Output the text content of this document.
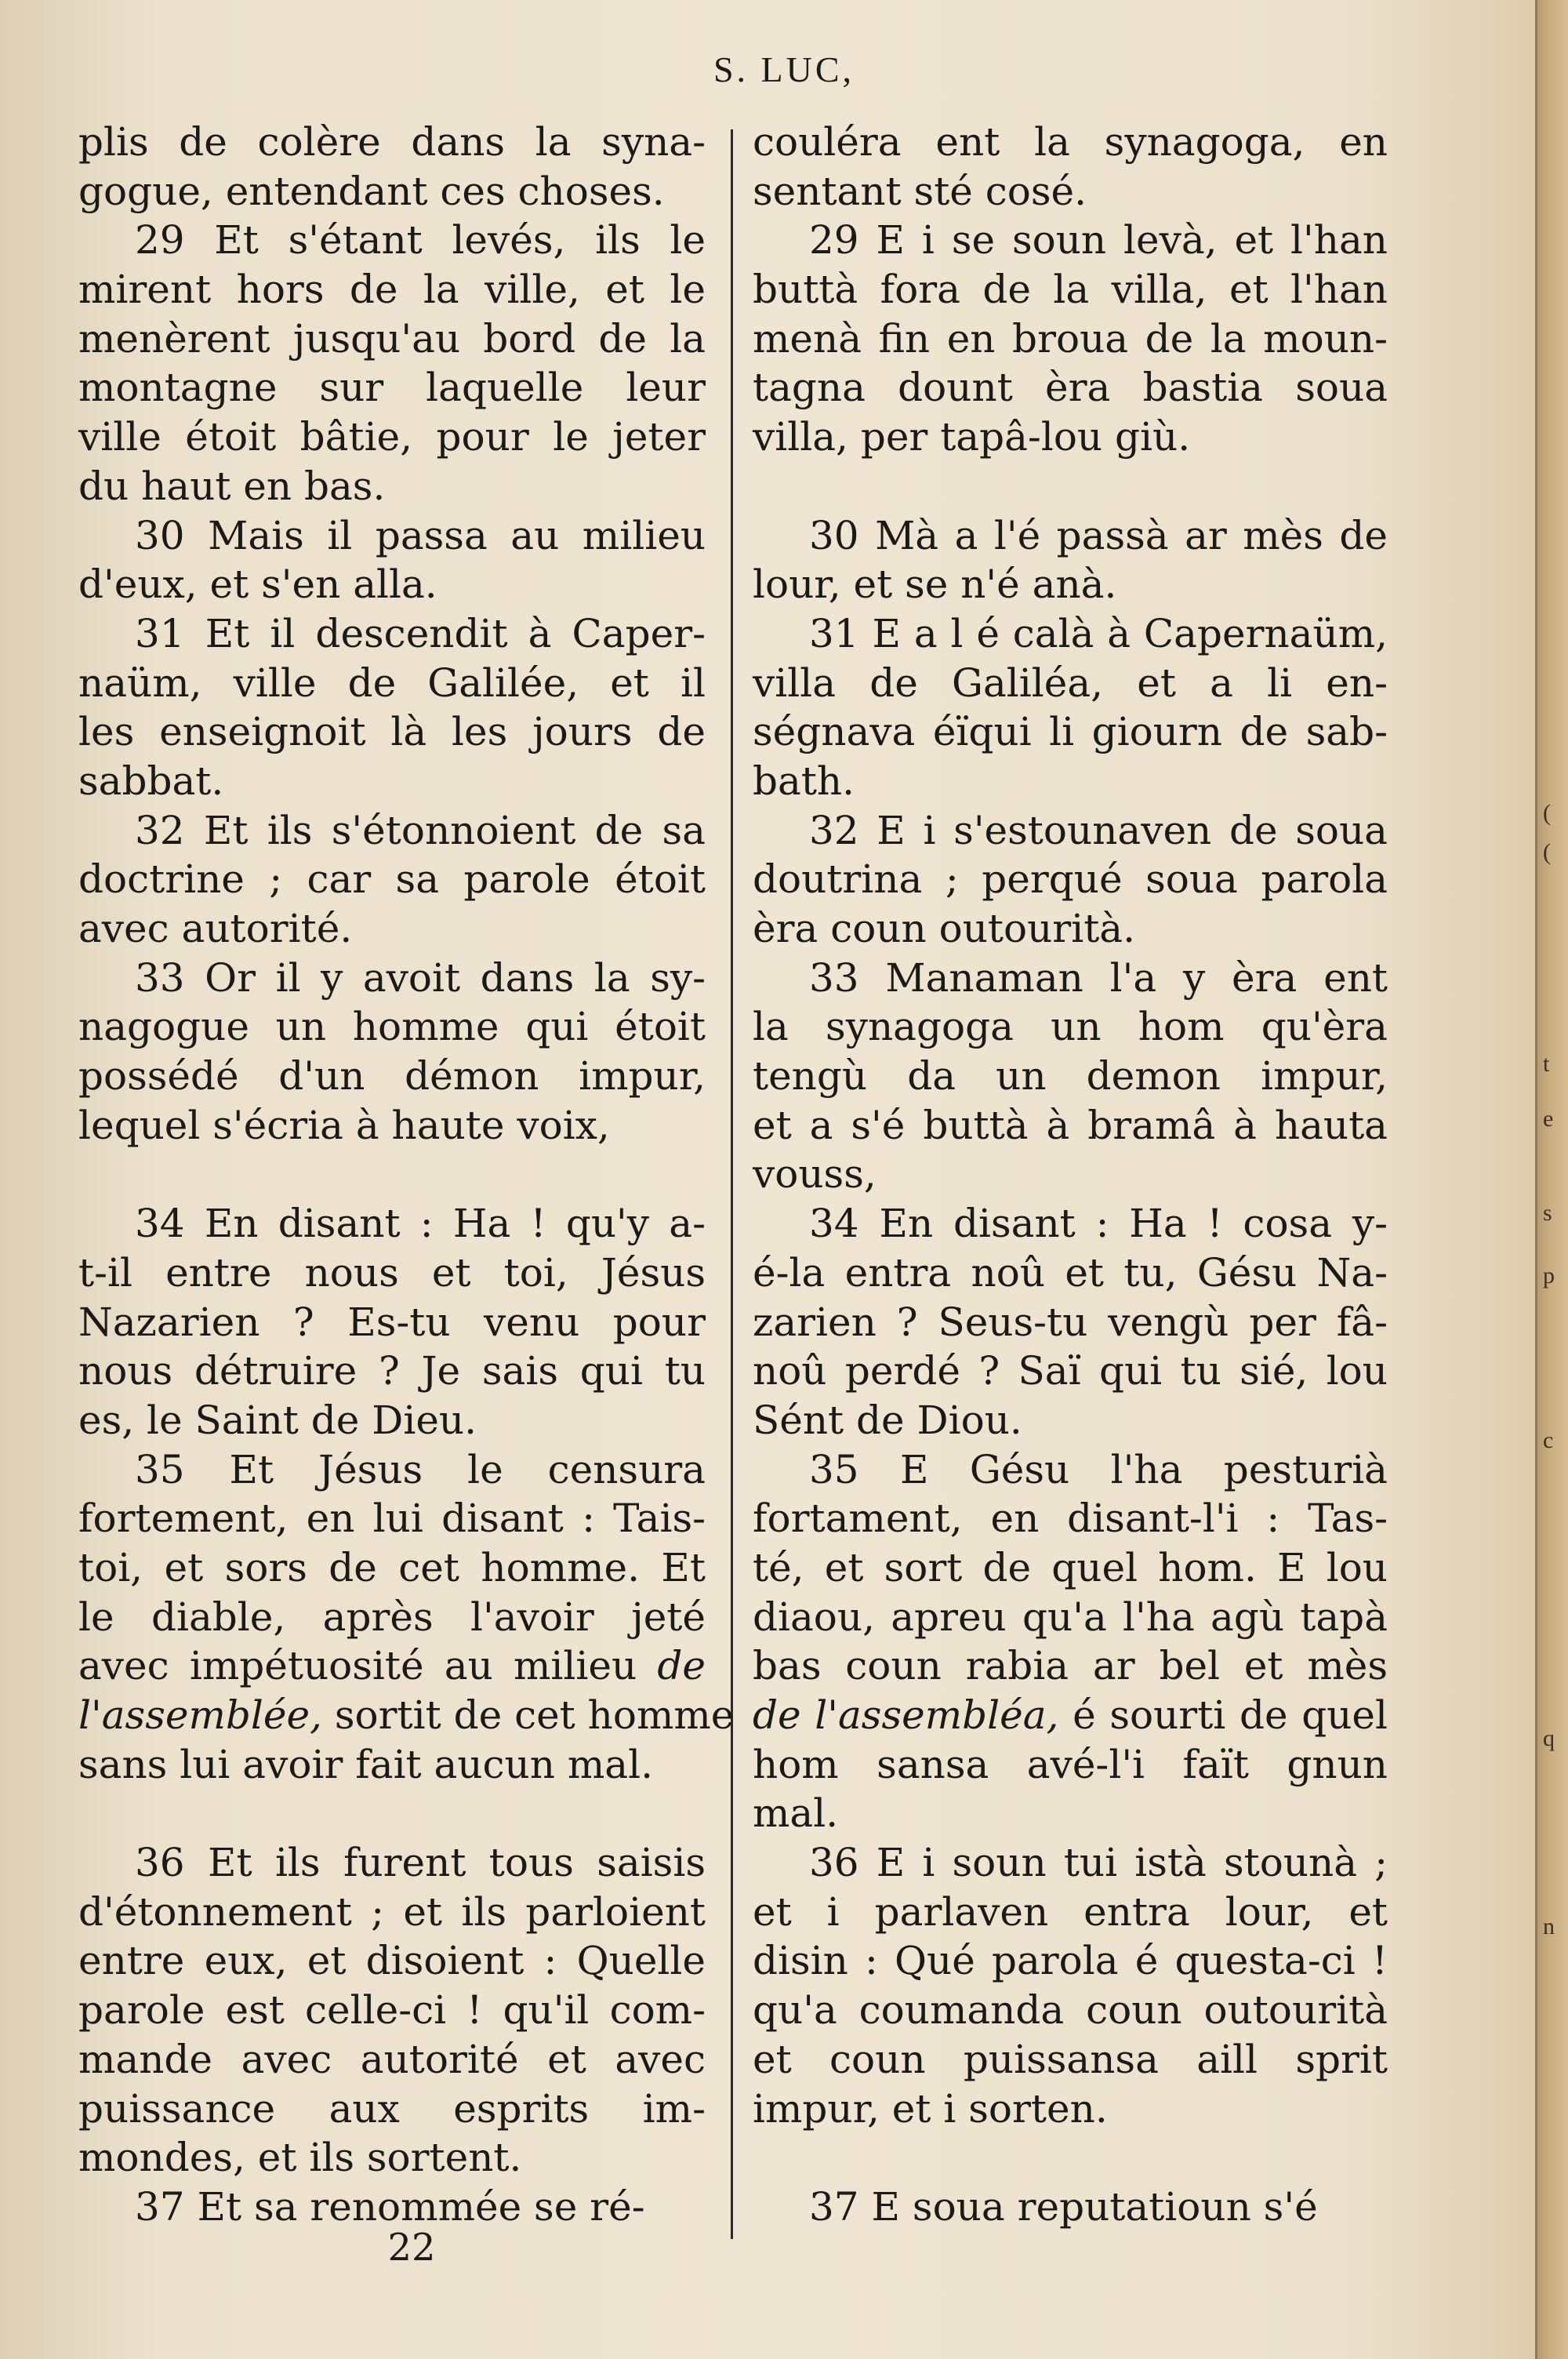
S. LUC,
plis de colère dans la syna-
gogue, entendant ces choses.
29 Et s'étant levés, ils le
mirent hors de la ville, et le
menèrent jusqu'au bord de la
montagne sur laquelle leur
ville étoit bâtie, pour le jeter
du haut en bas.
30 Mais il passa au milieu
d'eux, et s'en alla.
31 Et il descendit à Caper-
naüm, ville de Galilée, et il
les enseignoit là les jours de
sabbat.
32 Et ils s'étonnoient de sa
doctrine ; car sa parole étoit
avec autorité.
33 Or il y avoit dans la sy-
nagogue un homme qui étoit
possédé d'un démon impur,
lequel s'écria à haute voix,
34 En disant : Ha ! qu'y a-
t-il entre nous et toi, Jésus
Nazarien ? Es-tu venu pour
nous détruire ? Je sais qui tu
es, le Saint de Dieu.
35 Et Jésus le censura
fortement, en lui disant : Tais-
toi, et sors de cet homme. Et
le diable, après l'avoir jeté
avec impétuosité au milieu de
l'assemblée, sortit de cet homme
sans lui avoir fait aucun mal.
36 Et ils furent tous saisis
d'étonnement ; et ils parloient
entre eux, et disoient : Quelle
parole est celle-ci ! qu'il com-
mande avec autorité et avec
puissance aux esprits im-
mondes, et ils sortent.
37 Et sa renommée se ré-
couléra ent la synagoga, en
sentant sté cosé.
29 E i se soun levà, et l'han
buttà fora de la villa, et l'han
menà fin en broua de la moun-
tagna dount èra bastia soua
villa, per tapâ-lou giù.
30 Mà a l'é passà ar mès de
lour, et se n'é anà.
31 E a l é calà à Capernaüm,
villa de Galiléa, et a li en-
ségnava éïqui li giourn de sab-
bath.
32 E i s'estounaven de soua
doutrina ; perqué soua parola
èra coun outourità.
33 Manaman l'a y èra ent
la synagoga un hom qu'èra
tengù da un demon impur,
et a s'é buttà à bramâ à hauta
vouss,
34 En disant : Ha ! cosa y-
é-la entra noû et tu, Gésu Na-
zarien ? Seus-tu vengù per fâ-
noû perdé ? Saï qui tu sié, lou
Sént de Diou.
35 E Gésu l'ha pesturià
fortament, en disant-l'i : Tas-
té, et sort de quel hom. E lou
diaou, apreu qu'a l'ha agù tapà
bas coun rabia ar bel et mès
de l'assembléa, é sourti de quel
hom sansa avé-l'i faït gnun
mal.
36 E i soun tui istà stounà ;
et i parlaven entra lour, et
disin : Qué parola é questa-ci !
qu'a coumanda coun outourità
et coun puissansa aill sprit
impur, et i sorten.
37 E soua reputatioun s'é
22
(
(
t
e
s
p
c
q
n
